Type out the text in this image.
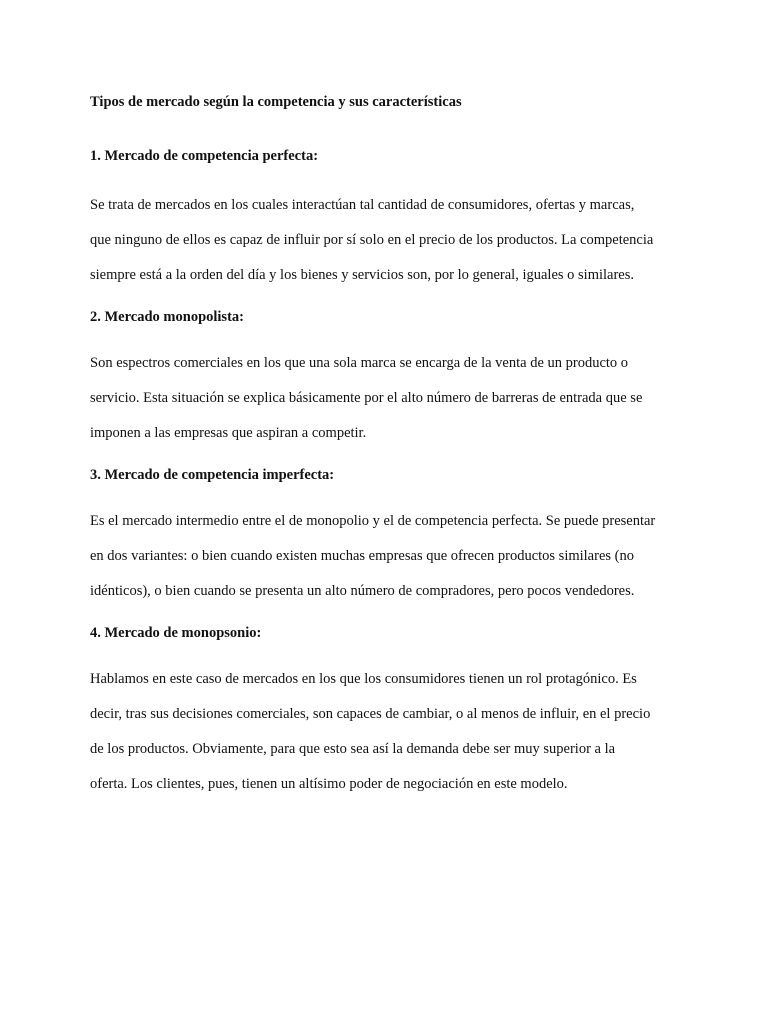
Tipos de mercado según la competencia y sus características

1. Mercado de competencia perfecta:

Se trata de mercados en los cuales interactúan tal cantidad de consumidores, ofertas y marcas,
que ninguno de ellos es capaz de influir por sí solo en el precio de los productos. La competencia
siempre está a la orden del día y los bienes y servicios son, por lo general, iguales o similares.

2. Mercado monopolista:

Son espectros comerciales en los que una sola marca se encarga de la venta de un producto o
servicio. Esta situación se explica básicamente por el alto número de barreras de entrada que se
imponen a las empresas que aspiran a competir.

3. Mercado de competencia imperfecta:

Es el mercado intermedio entre el de monopolio y el de competencia perfecta. Se puede presentar
en dos variantes: o bien cuando existen muchas empresas que ofrecen productos similares (no
idénticos), o bien cuando se presenta un alto número de compradores, pero pocos vendedores.

4. Mercado de monopsonio:

Hablamos en este caso de mercados en los que los consumidores tienen un rol protagónico. Es
decir, tras sus decisiones comerciales, son capaces de cambiar, o al menos de influir, en el precio
de los productos. Obviamente, para que esto sea así la demanda debe ser muy superior a la
oferta. Los clientes, pues, tienen un altísimo poder de negociación en este modelo.
